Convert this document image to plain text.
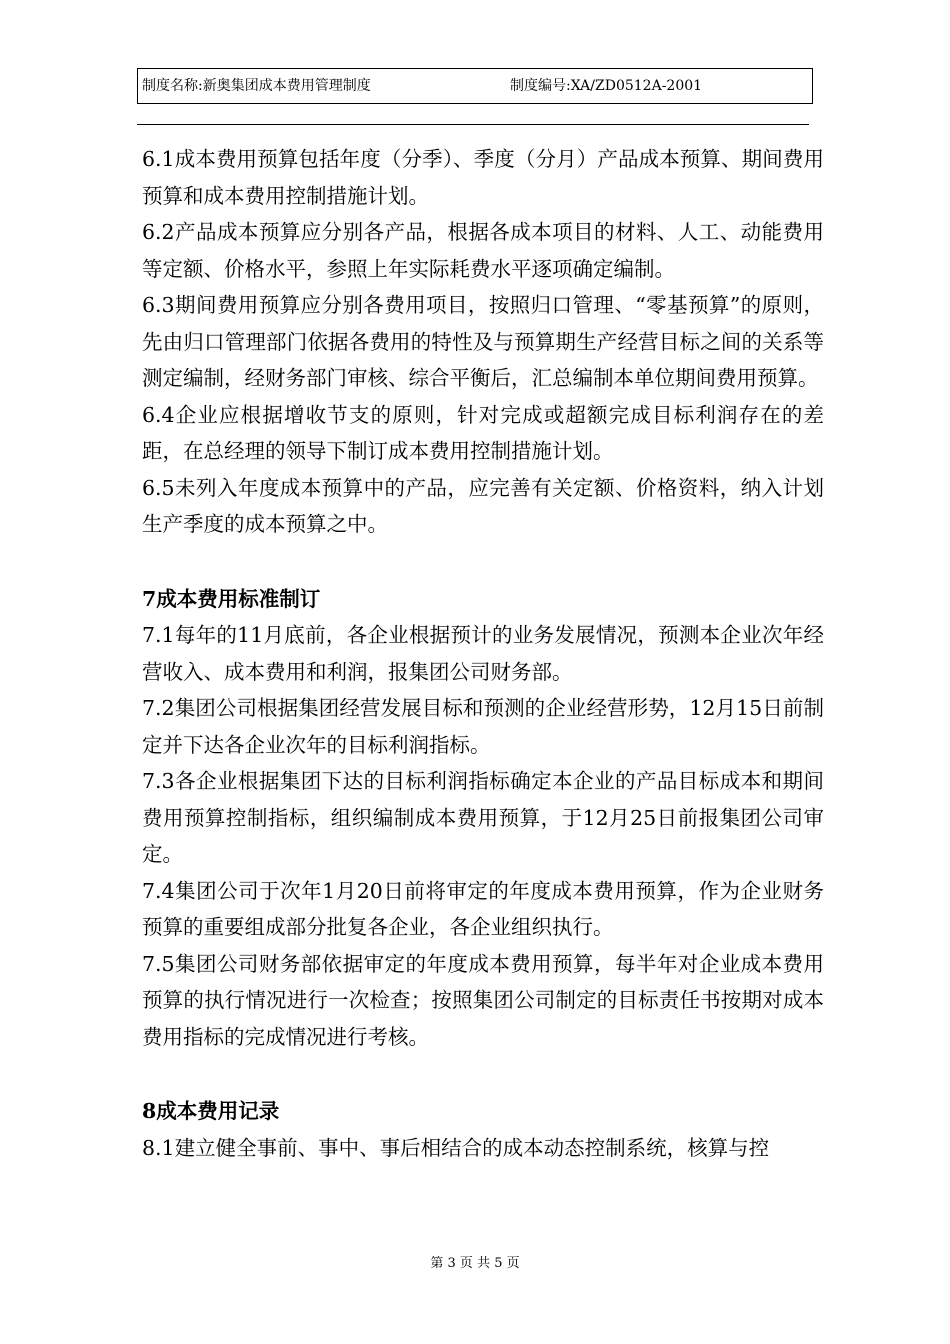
制度名称:新奥集团成本费用管理制度	制度编号:XA/ZD0512A-2001

6.1成本费用预算包括年度（分季）、季度（分月）产品成本预算、期间费用预算和成本费用控制措施计划。

6.2产品成本预算应分别各产品，根据各成本项目的材料、人工、动能费用等定额、价格水平，参照上年实际耗费水平逐项确定编制。

6.3期间费用预算应分别各费用项目，按照归口管理、“零基预算”的原则，先由归口管理部门依据各费用的特性及与预算期生产经营目标之间的关系等测定编制，经财务部门审核、综合平衡后，汇总编制本单位期间费用预算。

6.4企业应根据增收节支的原则，针对完成或超额完成目标利润存在的差距，在总经理的领导下制订成本费用控制措施计划。

6.5未列入年度成本预算中的产品，应完善有关定额、价格资料，纳入计划生产季度的成本预算之中。

7成本费用标准制订

7.1每年的11月底前，各企业根据预计的业务发展情况，预测本企业次年经营收入、成本费用和利润，报集团公司财务部。

7.2集团公司根据集团经营发展目标和预测的企业经营形势，12月15日前制定并下达各企业次年的目标利润指标。

7.3各企业根据集团下达的目标利润指标确定本企业的产品目标成本和期间费用预算控制指标，组织编制成本费用预算，于12月25日前报集团公司审定。

7.4集团公司于次年1月20日前将审定的年度成本费用预算，作为企业财务预算的重要组成部分批复各企业，各企业组织执行。

7.5集团公司财务部依据审定的年度成本费用预算，每半年对企业成本费用预算的执行情况进行一次检查；按照集团公司制定的目标责任书按期对成本费用指标的完成情况进行考核。

8成本费用记录

8.1建立健全事前、事中、事后相结合的成本动态控制系统，核算与控

第 3 页 共 5 页
